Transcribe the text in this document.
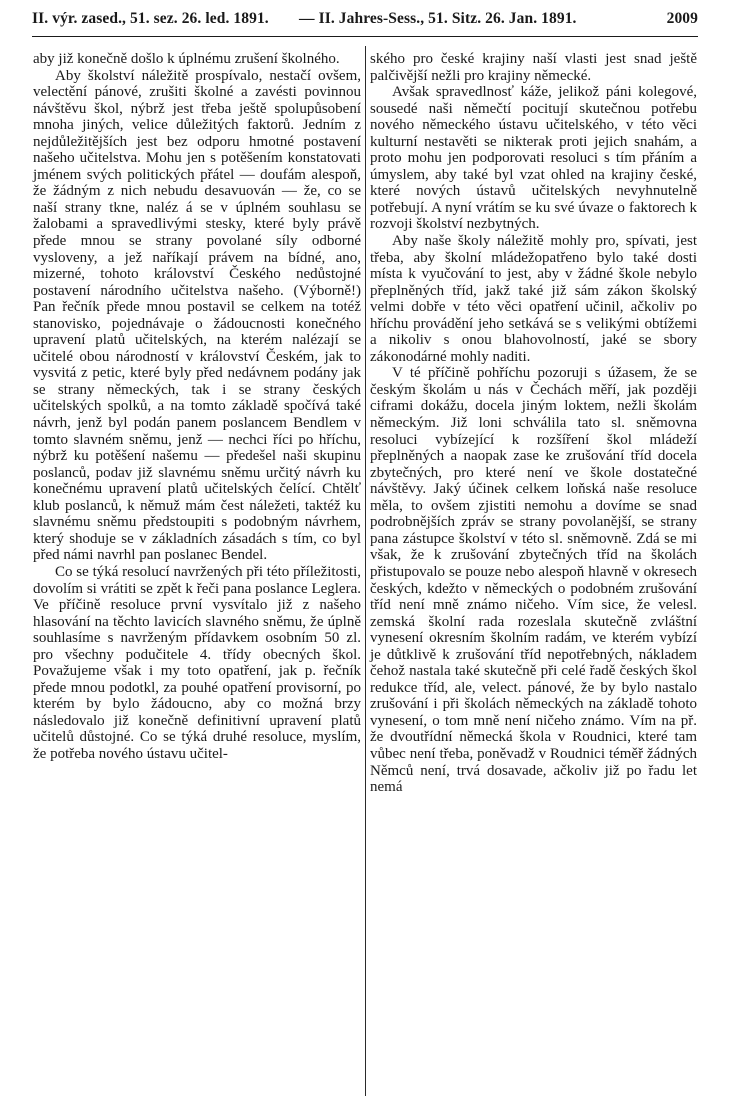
II. výr. zased., 51. sez. 26. led. 1891. — II. Jahres-Sess., 51. Sitz. 26. Jan. 1891.	2009

aby již konečně došlo k úplnému zrušení školného.

Aby školství náležitě prospívalo, nestačí ovšem, velectění pánové, zrušiti školné a zavésti povinnou návštěvu škol, nýbrž jest třeba ještě spolupůsobení mnoha jiných, velice důležitých faktorů. Jedním z nejdůležitějších jest bez odporu hmotné postavení našeho učitelstva. Mohu jen s potěšením konstatovati jménem svých politických přátel — doufám alespoň, že žádným z nich nebudu desavuován — že, co se naší strany tkne, naléz á se v úplném souhlasu se žalobami a spravedlivými stesky, které byly právě přede mnou se strany povolané síly odborné vysloveny, a jež naříkají právem na bídné, ano, mizerné, tohoto království Českého nedůstojné postavení národního učitelstva našeho. (Výborně!) Pan řečník přede mnou postavil se celkem na totéž stanovisko, pojednávaje o žádoucnosti konečného upravení platů učitelských, na kterém nalézají se učitelé obou národností v království Českém, jak to vysvitá z petic, které byly před nedávnem podány jak se strany německých, tak i se strany českých učitelských spolků, a na tomto základě spočívá také návrh, jenž byl podán panem poslancem Bendlem v tomto slavném sněmu, jenž — nechci říci po hříchu, nýbrž ku potěšení našemu — předešel naši skupinu poslanců, podav již slavnému sněmu určitý návrh ku konečnému upravení platů učitelských čelící. Chtělť klub poslanců, k němuž mám čest náležeti, taktéž ku slavnému sněmu předstoupiti s podobným návrhem, který shoduje se v základních zásadách s tím, co byl před námi navrhl pan poslanec Bendel.

Co se týká resolucí navržených při této příležitosti, dovolím si vrátiti se zpět k řeči pana poslance Leglera. Ve příčině resoluce první vysvítalo již z našeho hlasování na těchto lavicích slavného sněmu, že úplně souhlasíme s navrženým přídavkem osobním 50 zl. pro všechny podučitele 4. třídy obecných škol. Považujeme však i my toto opatření, jak p. řečník přede mnou podotkl, za pouhé opatření provisorní, po kterém by bylo žádoucno, aby co možná brzy následovalo již konečně definitivní upravení platů učitelů důstojné. Co se týká druhé resoluce, myslím, že potřeba nového ústavu učitel-

ského pro české krajiny naší vlasti jest snad ještě palčivější nežli pro krajiny německé.

Avšak spravedlnosť káže, jelikož páni kolegové, sousedé naši němečtí pocitují skutečnou potřebu nového německého ústavu učitelského, v této věci kulturní nestavěti se nikterak proti jejich snahám, a proto mohu jen podporovati resoluci s tím přáním a úmyslem, aby také byl vzat ohled na krajiny české, které nových ústavů učitelských nevyhnutelně potřebují. A nyní vrátím se ku své úvaze o faktorech k rozvoji školství nezbytných.

Aby naše školy náležitě mohly pro, spívati, jest třeba, aby školní mládežopatřeno bylo také dosti místa k vyučování to jest, aby v žádné škole nebylo přeplněných tříd, jakž také již sám zákon školský velmi dobře v této věci opatření učinil, ačkoliv po hříchu provádění jeho setkává se s velikými obtížemi a nikoliv s onou blahovolností, jaké se sbory zákonodárné mohly naditi.

V té příčině pohříchu pozoruji s úžasem, že se českým školám u nás v Čechách měří, jak později ciframi dokážu, docela jiným loktem, nežli školám německým. Již loni schválila tato sl. sněmovna resoluci vybízející k rozšíření škol mládeží přeplněných a naopak zase ke zrušování tříd docela zbytečných, pro které není ve škole dostatečné návštěvy. Jaký účinek celkem loňská naše resoluce měla, to ovšem zjistiti nemohu a dovíme se snad podrobnějších zpráv se strany povolanější, se strany pana zástupce školství v této sl. sněmovně. Zdá se mi však, že k zrušování zbytečných tříd na školách přistupovalo se pouze nebo alespoň hlavně v okresech českých, kdežto v německých o podobném zrušování tříd není mně známo ničeho. Vím sice, že velesl. zemská školní rada rozeslala skutečně zvláštní vynesení okresním školním radám, ve kterém vybízí je důtklivě k zrušování tříd nepotřebných, nákladem čehož nastala také skutečně při celé řadě českých škol redukce tříd, ale, velect. pánové, že by bylo nastalo zrušování i při školách německých na základě tohoto vynesení, o tom mně není ničeho známo. Vím na př. že dvoutřídní německá škola v Roudnici, které tam vůbec není třeba, poněvadž v Roudnici téměř žádných Němců není, trvá dosavade, ačkoliv již po řadu let nemá
